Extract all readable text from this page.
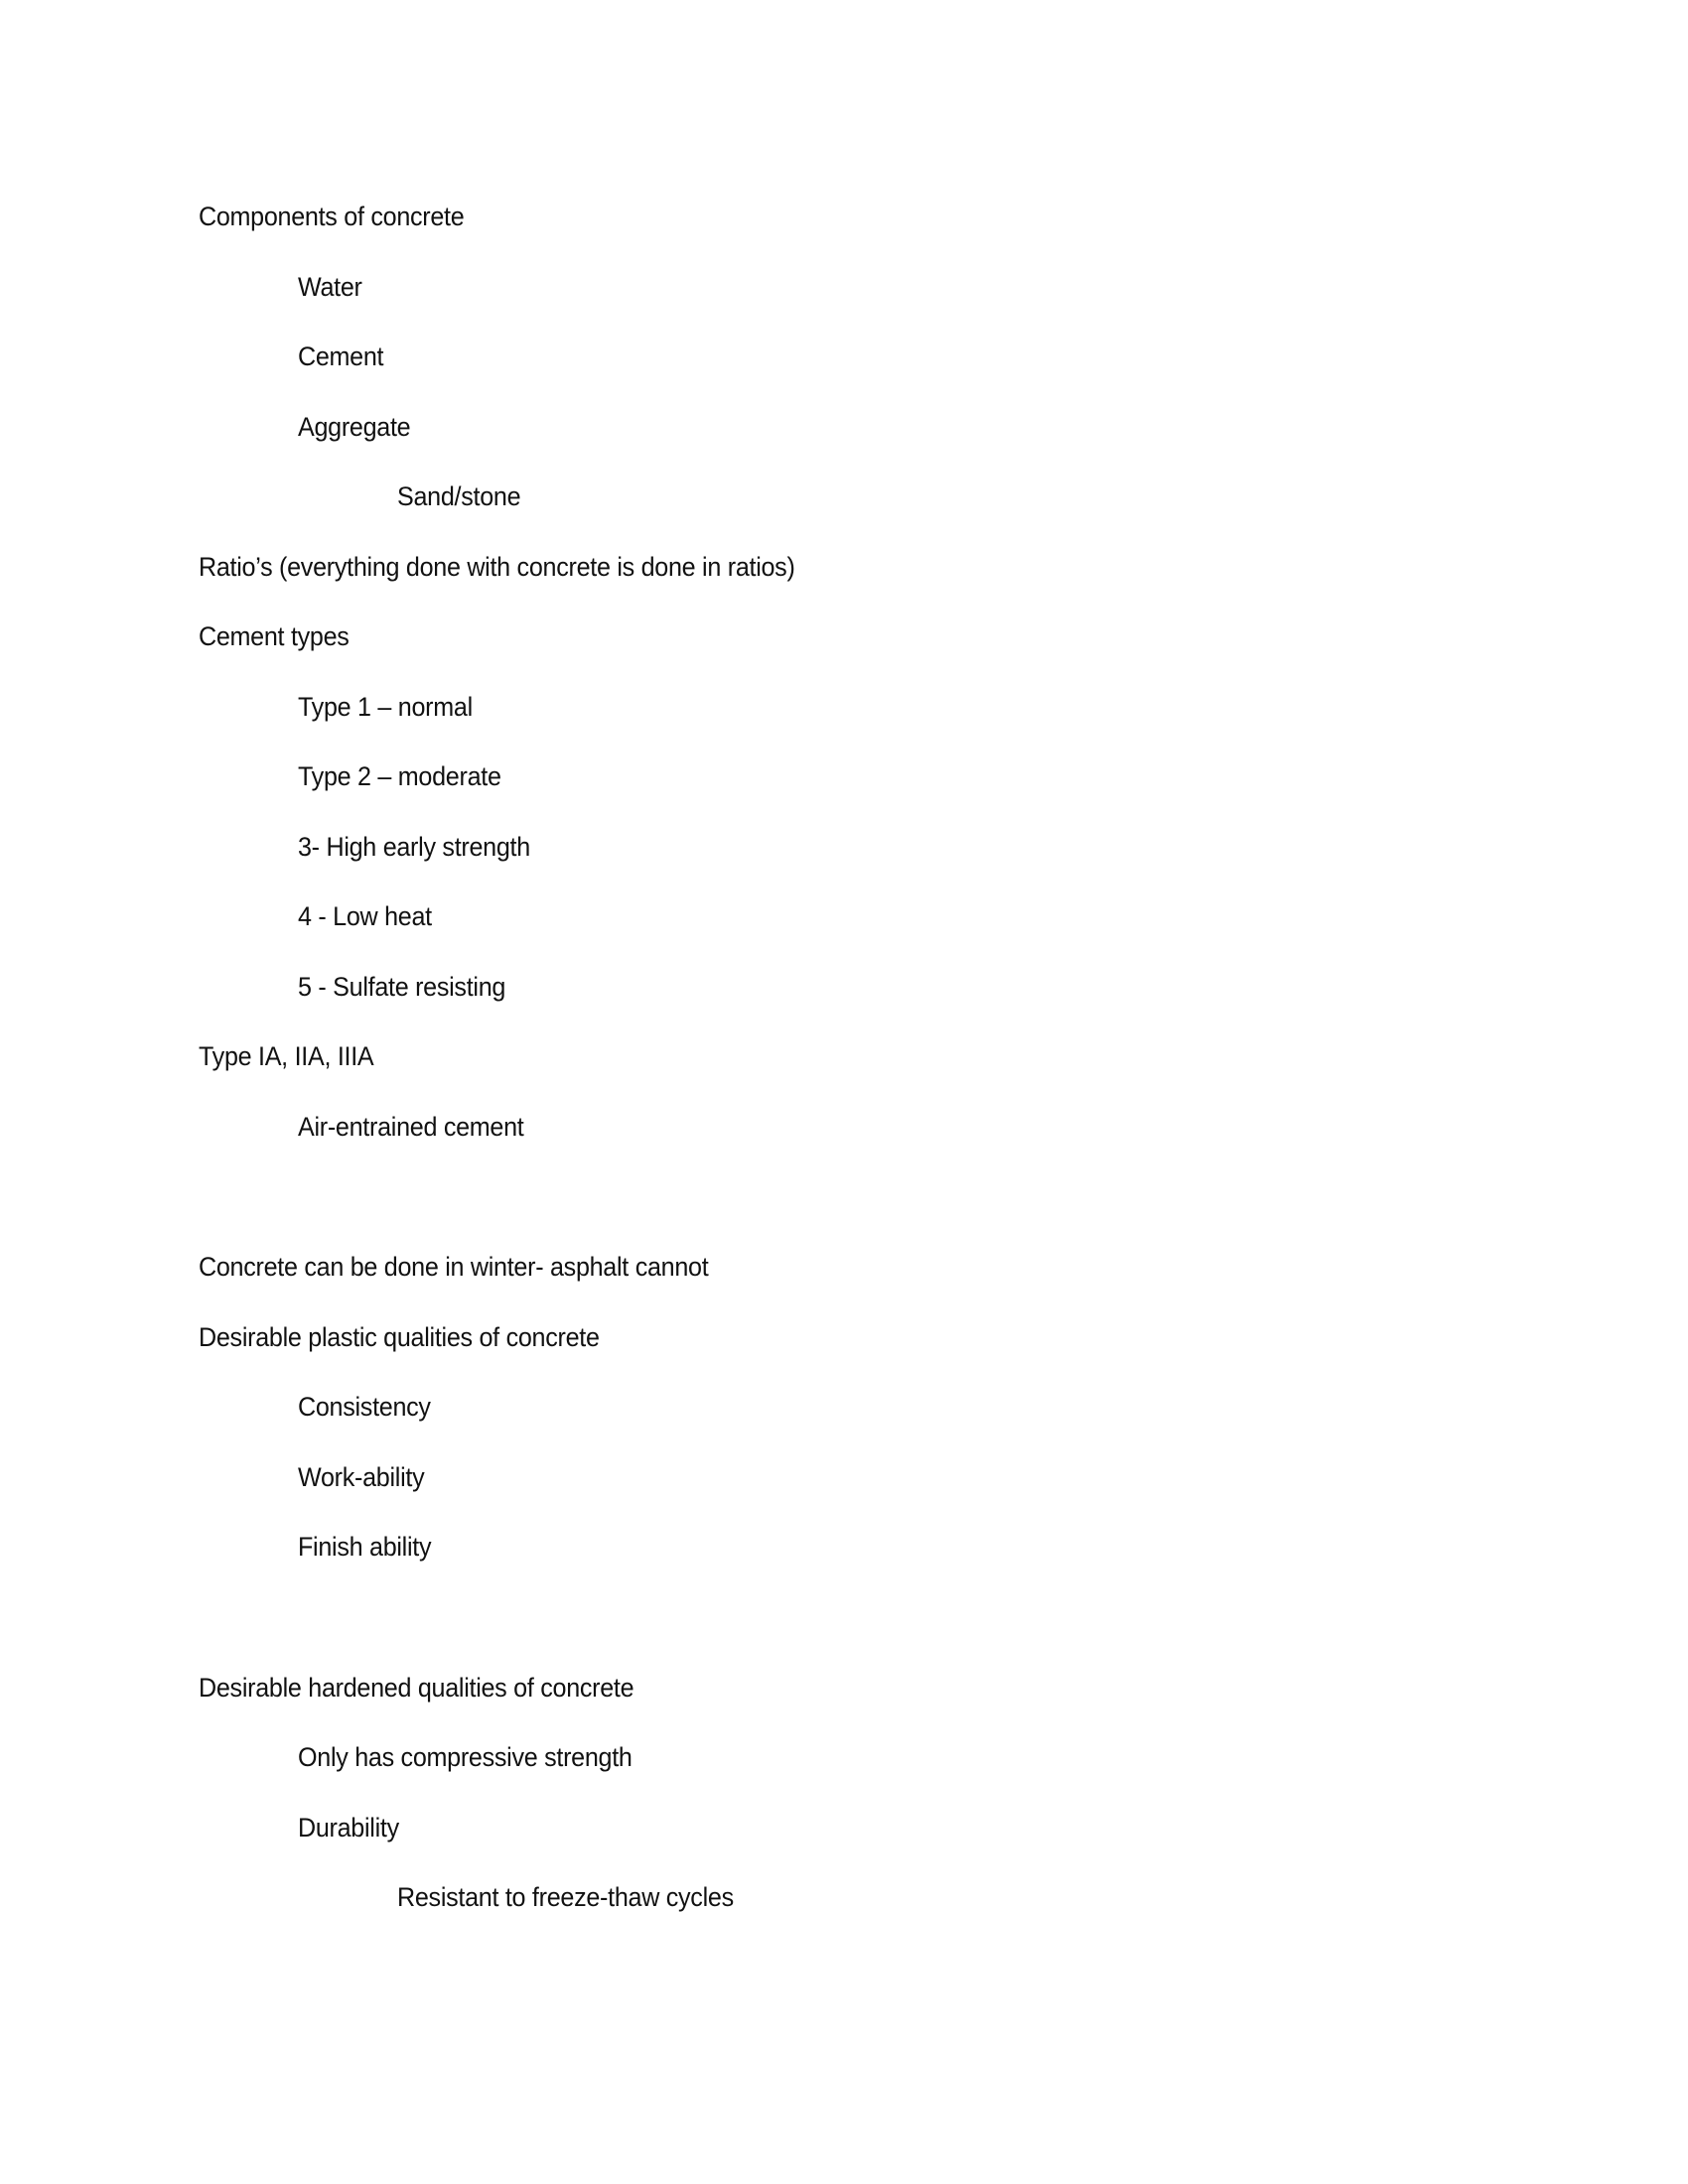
Components of concrete
Water
Cement
Aggregate
Sand/stone
Ratio’s (everything done with concrete is done in ratios)
Cement types
Type 1 – normal
Type 2 – moderate
3- High early strength
4 - Low heat
5 - Sulfate resisting
Type IA, IIA, IIIA
Air-entrained cement
Concrete can be done in winter- asphalt cannot
Desirable plastic qualities of concrete
Consistency
Work-ability
Finish ability
Desirable hardened qualities of concrete
Only has compressive strength
Durability
Resistant to freeze-thaw cycles
